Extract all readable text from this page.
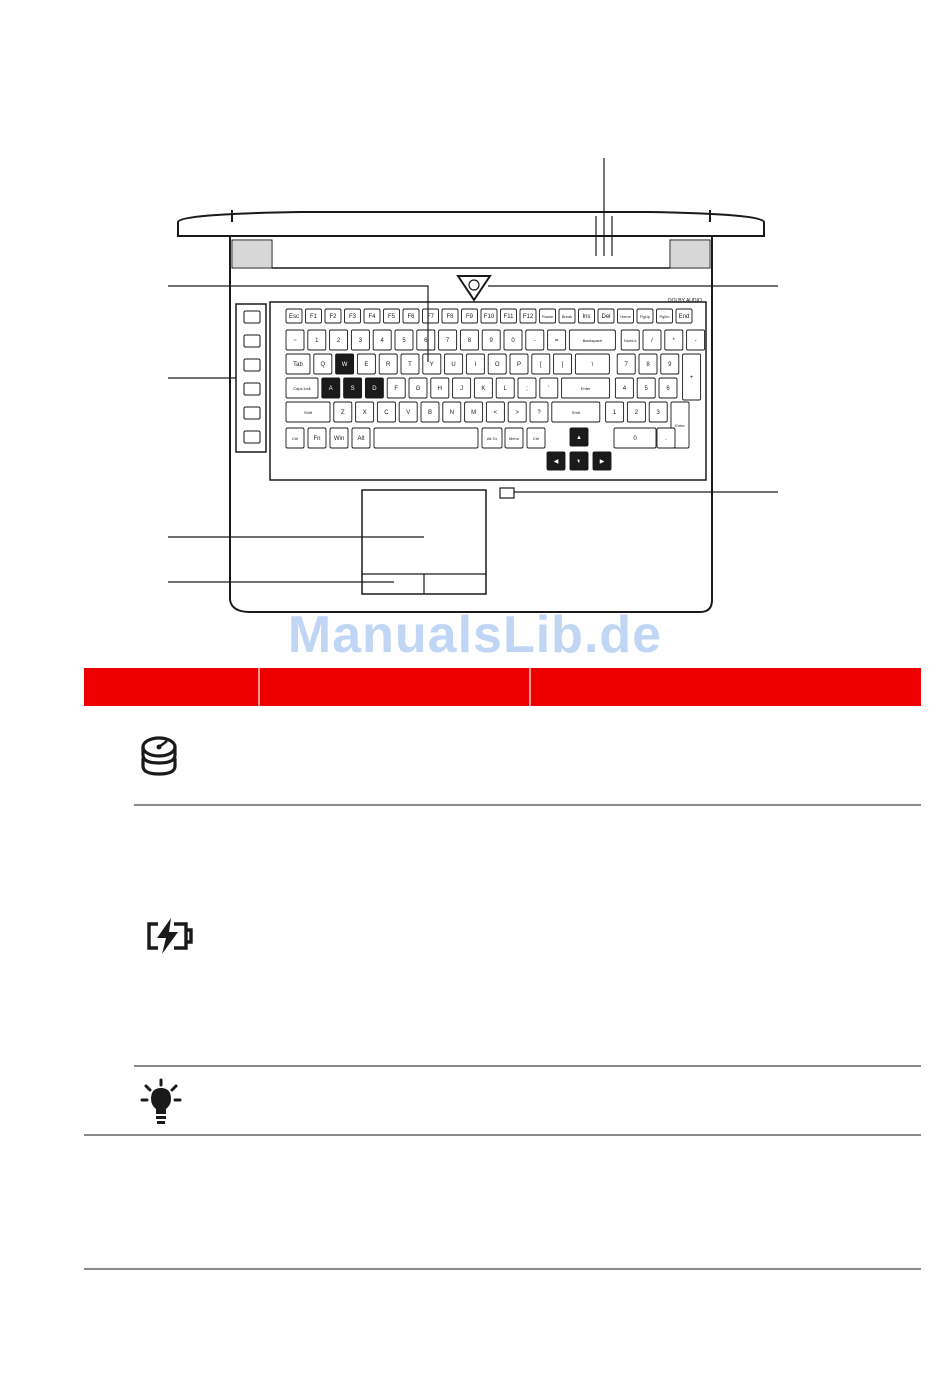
Esc F1 F2 F3 F4 F5 F6 F7 F8 F9 F10 F11 F12 Pause Break Ins Del Home PgUp PgDn End
~	1	2	3	4	5	6	7	8	9	0	-	=	Backspace	NumLk /	*	-
Tab	Q	W	E	R	T	Y	U	I	O	P	[	]	\	7	8	9
+
Caps lock	A	S	D	F	G	H	J	K	L	;	'	Enter	4	5	6
Shift	Z	X	C	V	B	N	M	<	>	?	Shift	1	2	3
Enter
Ctrl	Fn Win Alt	Alt Gr	Menu	Ctrl	0	.
▲
◀	▼	▶
DOLBY AUDIO
ManualsLib.de
